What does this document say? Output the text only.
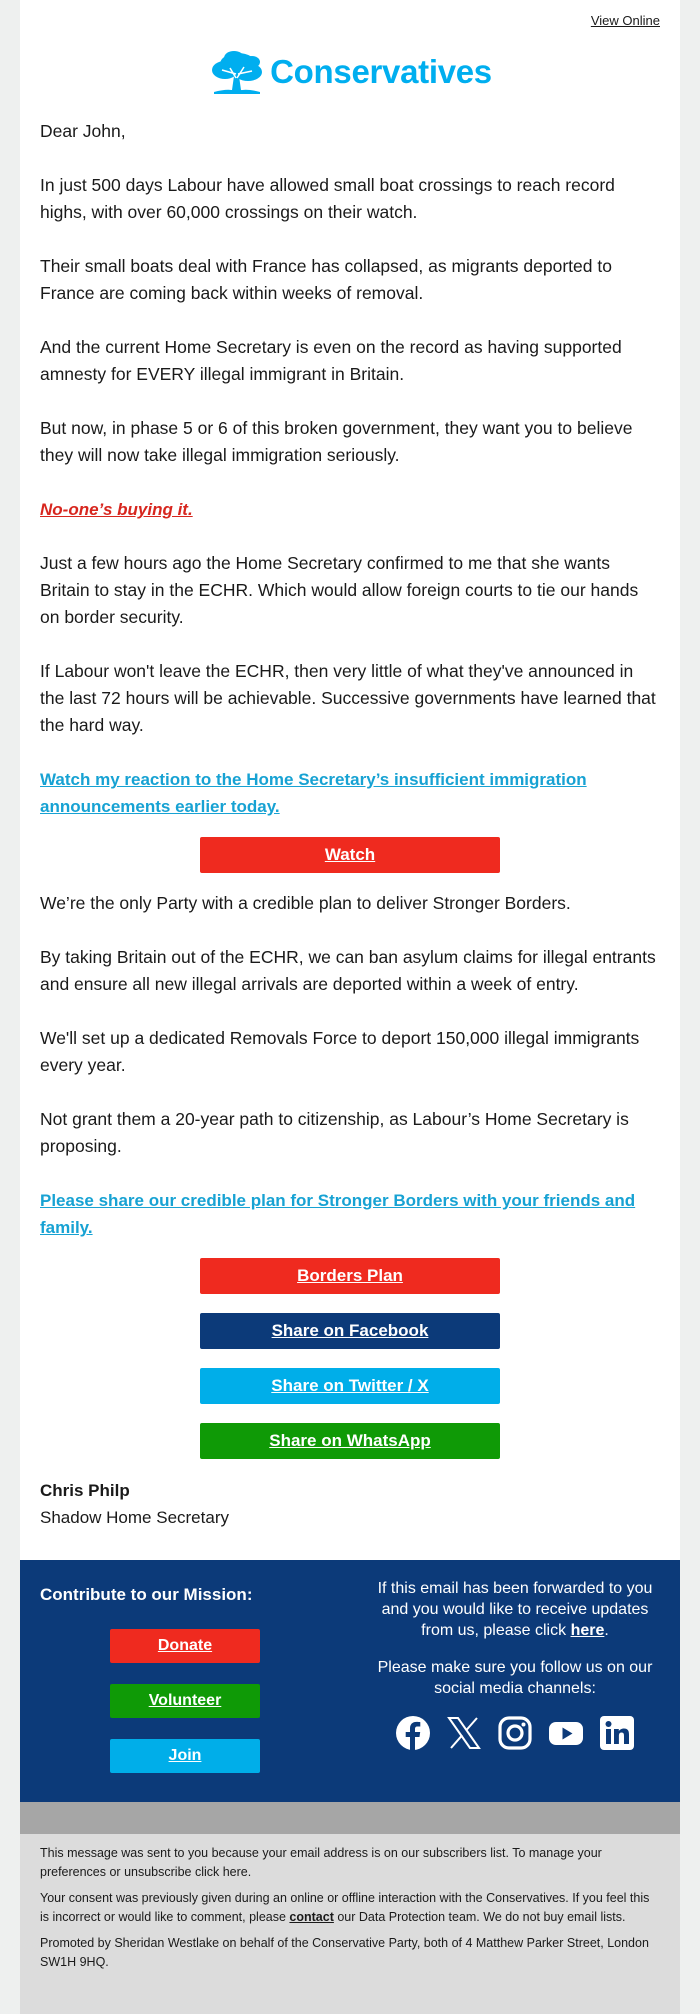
View Online
Conservatives
Dear John,
In just 500 days Labour have allowed small boat crossings to reach record highs, with over 60,000 crossings on their watch.
Their small boats deal with France has collapsed, as migrants deported to France are coming back within weeks of removal.
And the current Home Secretary is even on the record as having supported amnesty for EVERY illegal immigrant in Britain.
But now, in phase 5 or 6 of this broken government, they want you to believe they will now take illegal immigration seriously.
No-one’s buying it.
Just a few hours ago the Home Secretary confirmed to me that she wants Britain to stay in the ECHR. Which would allow foreign courts to tie our hands on border security.
If Labour won't leave the ECHR, then very little of what they've announced in the last 72 hours will be achievable. Successive governments have learned that the hard way.
Watch my reaction to the Home Secretary’s insufficient immigration announcements earlier today.
Watch
We’re the only Party with a credible plan to deliver Stronger Borders.
By taking Britain out of the ECHR, we can ban asylum claims for illegal entrants and ensure all new illegal arrivals are deported within a week of entry.
We'll set up a dedicated Removals Force to deport 150,000 illegal immigrants every year.
Not grant them a 20-year path to citizenship, as Labour’s Home Secretary is proposing.
Please share our credible plan for Stronger Borders with your friends and family.
Borders Plan
Share on Facebook
Share on Twitter / X
Share on WhatsApp
Chris Philp
Shadow Home Secretary
Contribute to our Mission:
Donate
Volunteer
Join
If this email has been forwarded to you and you would like to receive updates from us, please click here.
Please make sure you follow us on our social media channels:

This message was sent to you because your email address is on our subscribers list. To manage your preferences or unsubscribe click here.

Your consent was previously given during an online or offline interaction with the Conservatives. If you feel this is incorrect or would like to comment, please contact our Data Protection team. We do not buy email lists.

Promoted by Sheridan Westlake on behalf of the Conservative Party, both of 4 Matthew Parker Street, London SW1H 9HQ.
